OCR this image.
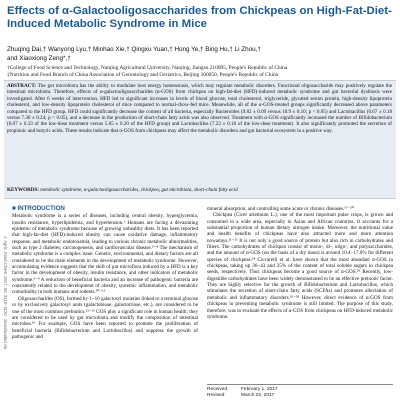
Effects of α-Galactooligosaccharides from Chickpeas on High-Fat-Diet-Induced Metabolic Syndrome in Mice
Zhuqing Dai,† Wanyong Lyu,† Minhao Xie,† Qingxu Yuan,† Hong Ye,† Bing Hu,† Li Zhou,†
and Xiaoxiong Zeng*,†
†College of Food Science and Technology, Nanjing Agricultural University, Nanjing, Jiangsu 210095, People's Republic of China
‡Nutrition and Food Branch of China Association of Gerontology and Geriatrics, Beijing 100050, People's Republic of China
ABSTRACT: The gut microbiota has the ability to modulate host energy homeostasis, which may regulate metabolic disorders. Functional oligosaccharide may positively regulate the intestinal microbiota. Therefore, effects of α-galactooligosaccharides (α-GOS) from chickpea on high-fat-diet (HFD)-induced metabolic syndrome and gut bacterial dysbiosis were investigated. After 6 weeks of intervention, HFD led to significant increases in levels of blood glucose, total cholesterol, triglyceride, glycated serum protein, high-density lipoprotein cholesterol, and low-density lipoprotein cholesterol of mice compared to normal-chow-fed mice. Meanwhile, all of the α-GOS-treated groups significantly decreased above parameters compared to the HFD group. HFD could significantly decrease the content of all bacteria, especially Bacteroides (9.82 ± 0.09 versus 10.9 ± 0.10; p < 0.05) and Lactobacillus (6.67 ± 0.18 versus 7.30 ± 0.24; p < 0.05), and a decrease in the production of short-chain fatty acids was also observed. Treatment with α-GOS significantly increased the number of Bifidobacterium (6.07 ± 0.33 of the low-dose treatment versus 5.65 ± 0.20 of the HFD group) and Lactobacillus (7.22 ± 0.16 of the low-dose treatment). It also significantly promoted the secretion of propionic and butyric acids. These results indicate that α-GOS from chickpeas may affect the metabolic disorders and gut bacterial ecosystem in a positive way.
KEYWORDS: metabolic syndrome, α-galactooligosaccharides, chickpea, gut microbiota, short-chain fatty acid
J. Agric. Food Chem. 2017, 65, 3115−3120 · Downloaded via
■ INTRODUCTION

Metabolic syndrome is a series of diseases, including central obesity, hyperglycemia, insulin resistance, hyperlipidemia, and hypertension.¹ Humans are facing a devastating epidemic of metabolic syndrome because of growing unhealthy diets. It has been reported that high-fat-diet (HFD)-induced obesity can cause oxidative damage, inflammatory response, and metabolic endotoxemia, leading to various chronic metabolic abnormalities, such as type 2 diabetes, carcinogenesis, and cardiovascular disease.²⁻⁴ The mechanism of metabolic syndrome is a complex issue. Genetic, environmental, and dietary factors are all considered to be the main elements in the development of metabolic syndrome. However, accumulating evidence suggests that the shift of gut microflora induced by a HFD is a key factor in the development of obesity, insulin resistance, and other indicators of metabolic syndrome.⁵⁻⁹ A reduction of beneficial bacteria and an increase of pathogenic bacteria are consistently related to the development of obesity, systemic inflammation, and metabolic comorbidity in both humans and rodents.¹⁰⁻¹²

Oligosaccharides (OS), formed by 1−10 galactosyl moieties linked to a terminal glucose or by exclusively galactosyl units (galactobiose, galactotriose, etc.), are considered to be one of the most common prebiotics.¹³⁻¹⁵ GOS play a significant role in human health; they are considered to be used by gut microbiota and modify the composition of intestinal microbes.¹⁶ For example, GOS have been reported to promote the proliferation of beneficial bacteria (Bifidobacterium and Lactobacillus) and suppress the growth of pathogenic and

mineral absorption, and controlling some acute or chronic diseases.¹⁷⁻²⁰

Chickpea (Cicer arietinum L.), one of the most important pulse crops, is grown and consumed in a wide area, especially in Asian and African countries. It accounts for a substantial proportion of human dietary nitrogen intake. Moreover, the nutritional value and health benefits of chickpeas have also attracted more and more attention nowadays.²¹⁻²³ It is not only a good source of protein but also rich in carbohydrates and fibers. The carbohydrates of chickpea consist of mono-, di-, oligo-, and polysaccharides, and the amount of α-GOS (on the basis of a dry mass) is around 10.4−17.0% for different species of chickpeas.²⁴ Ciccarelli et al. have shown that the most abundant α-GOS in chickpeas, taking up 36−43 and 25% of the content of total soluble sugars in chickpea seeds, respectively. Thus chickpeas become a good source of α-GOS.²⁵ Recently, low-digestible carbohydrates have been widely demonstrated to be an effective prebiotic factor. They are highly selective for the growth of Bifidobacterium and Lactobacillus, which stimulates the secretion of short-chain fatty acids (SCFAs) and promotes alleviation of metabolic and inflammatory disorders.²⁶⁻²⁸ However, direct evidence of α-GOS from chickpeas in preventing metabolic syndrome is still limited. The purpose of this study, therefore, was to evaluate the effects of α-GOS from chickpeas on HFD-induced metabolic syndrome.

Received:	February 1, 2017
Revised:	March 22, 2017
